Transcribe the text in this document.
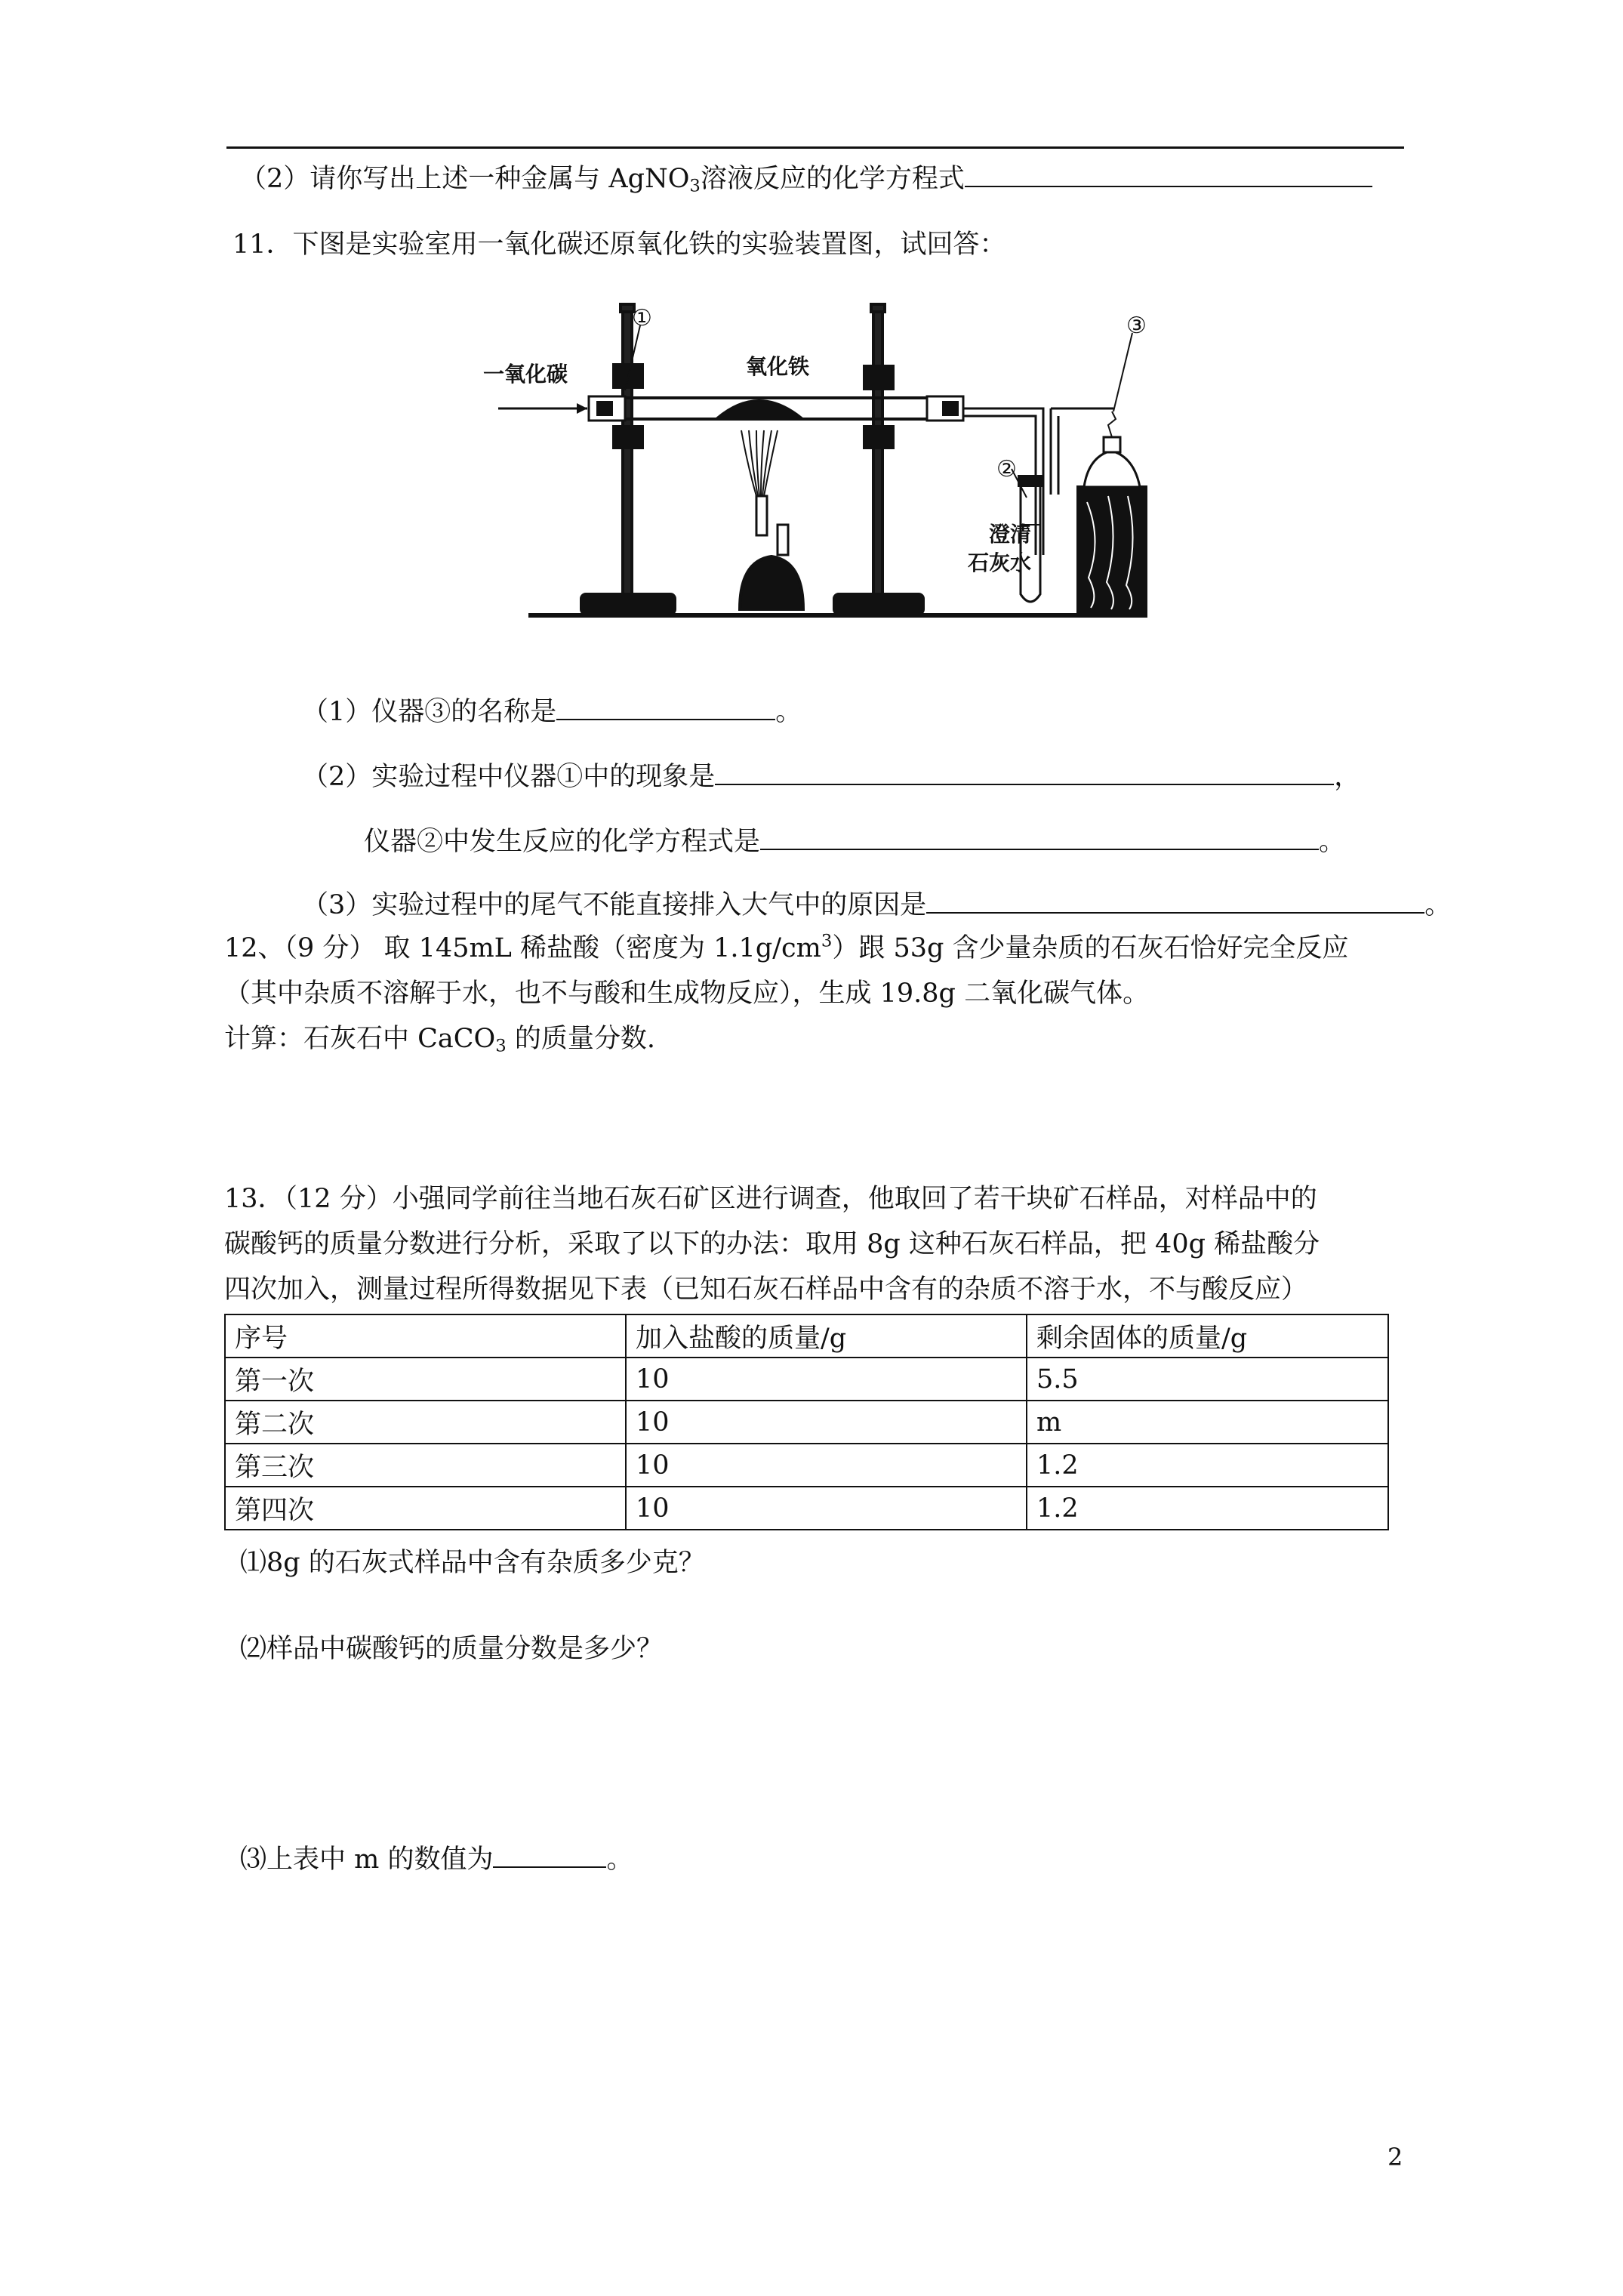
（2）请你写出上述一种金属与 AgNO$_3$溶液反应的化学方程式
11．下图是实验室用一氧化碳还原氧化铁的实验装置图，试回答：
一氧化碳	氧化铁
澄清
石灰水
①
②
③
（1）仪器③的名称是	。
（2）实验过程中仪器①中的现象是	，
仪器②中发生反应的化学方程式是	。
（3）实验过程中的尾气不能直接排入大气中的原因是	。
12、（9 分） 取 145mL 稀盐酸（密度为 $1.1g/cm^3$）跟 53g 含少量杂质的石灰石恰好完全反应
（其中杂质不溶解于水，也不与酸和生成物反应），生成 19.8g 二氧化碳气体。
计算：石灰石中 CaCO$_3$ 的质量分数.
13．（12 分）小强同学前往当地石灰石矿区进行调查，他取回了若干块矿石样品，对样品中的
碳酸钙的质量分数进行分析，采取了以下的办法：取用 8g 这种石灰石样品，把 40g 稀盐酸分
四次加入，测量过程所得数据见下表（已知石灰石样品中含有的杂质不溶于水，不与酸反应）
序号	加入盐酸的质量/g	剩余固体的质量/g
第一次	10	5.5
第二次	10	m
第三次	10	1.2
第四次	10	1.2
⑴8g 的石灰式样品中含有杂质多少克？
⑵样品中碳酸钙的质量分数是多少？
⑶上表中 m 的数值为	。
2
